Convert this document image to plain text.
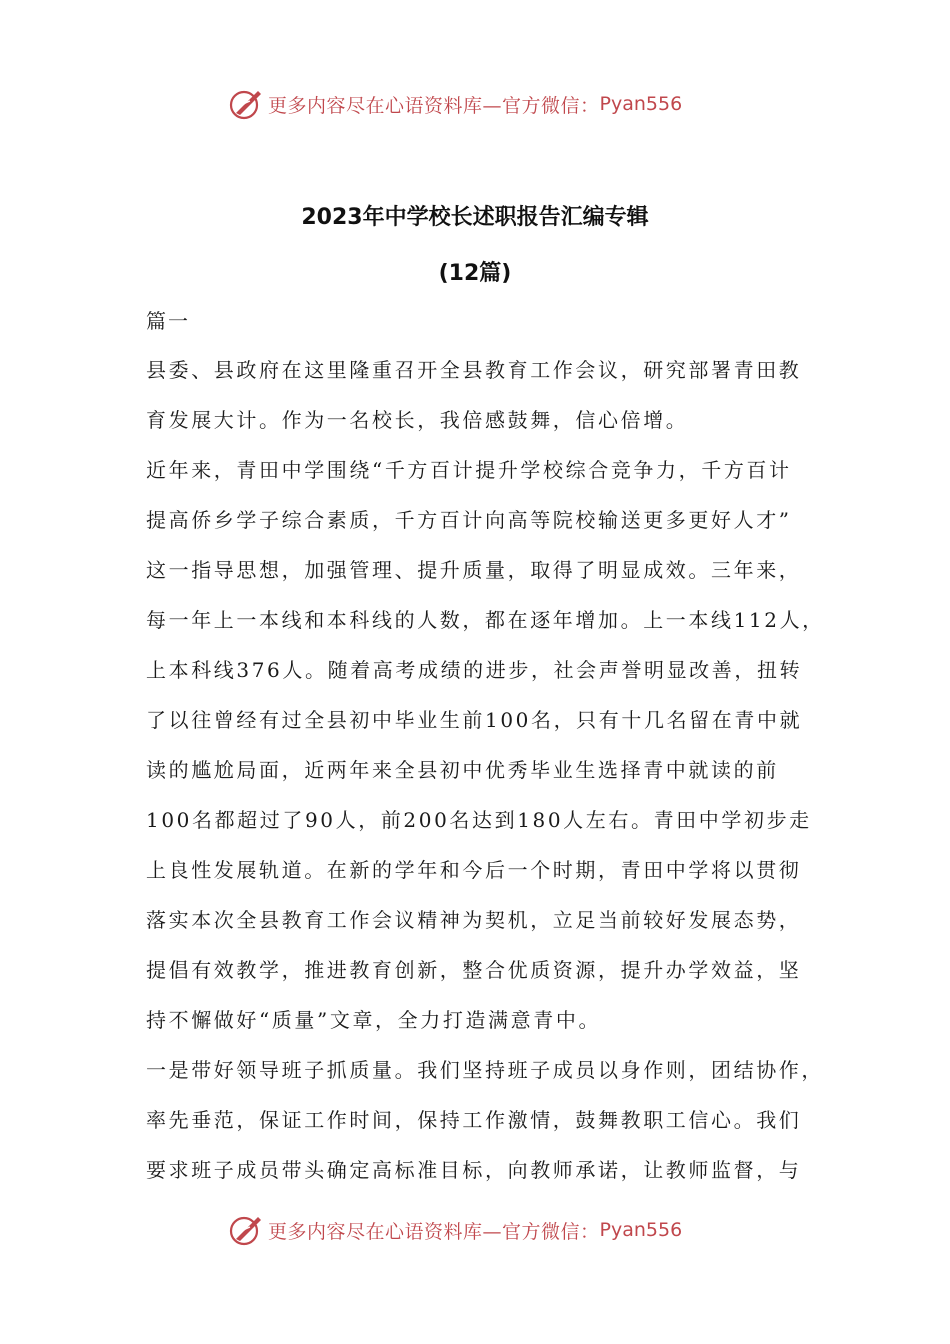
更多内容尽在心语资料库—官方微信： Pyan556
2023年中学校长述职报告汇编专辑
(12篇)
篇一
县委、县政府在这里隆重召开全县教育工作会议，研究部署青田教
育发展大计。作为一名校长，我倍感鼓舞，信心倍增。
近年来，青田中学围绕“千方百计提升学校综合竞争力，千方百计
提高侨乡学子综合素质，千方百计向高等院校输送更多更好人才”
这一指导思想，加强管理、提升质量，取得了明显成效。三年来，
每一年上一本线和本科线的人数，都在逐年增加。上一本线112人，
上本科线376人。随着高考成绩的进步，社会声誉明显改善，扭转
了以往曾经有过全县初中毕业生前100名，只有十几名留在青中就
读的尴尬局面，近两年来全县初中优秀毕业生选择青中就读的前
100名都超过了90人，前200名达到180人左右。青田中学初步走
上良性发展轨道。在新的学年和今后一个时期，青田中学将以贯彻
落实本次全县教育工作会议精神为契机，立足当前较好发展态势，
提倡有效教学，推进教育创新，整合优质资源，提升办学效益，坚
持不懈做好“质量”文章，全力打造满意青中。
一是带好领导班子抓质量。我们坚持班子成员以身作则，团结协作，
率先垂范，保证工作时间，保持工作激情，鼓舞教职工信心。我们
要求班子成员带头确定高标准目标，向教师承诺，让教师监督，与
更多内容尽在心语资料库—官方微信： Pyan556
